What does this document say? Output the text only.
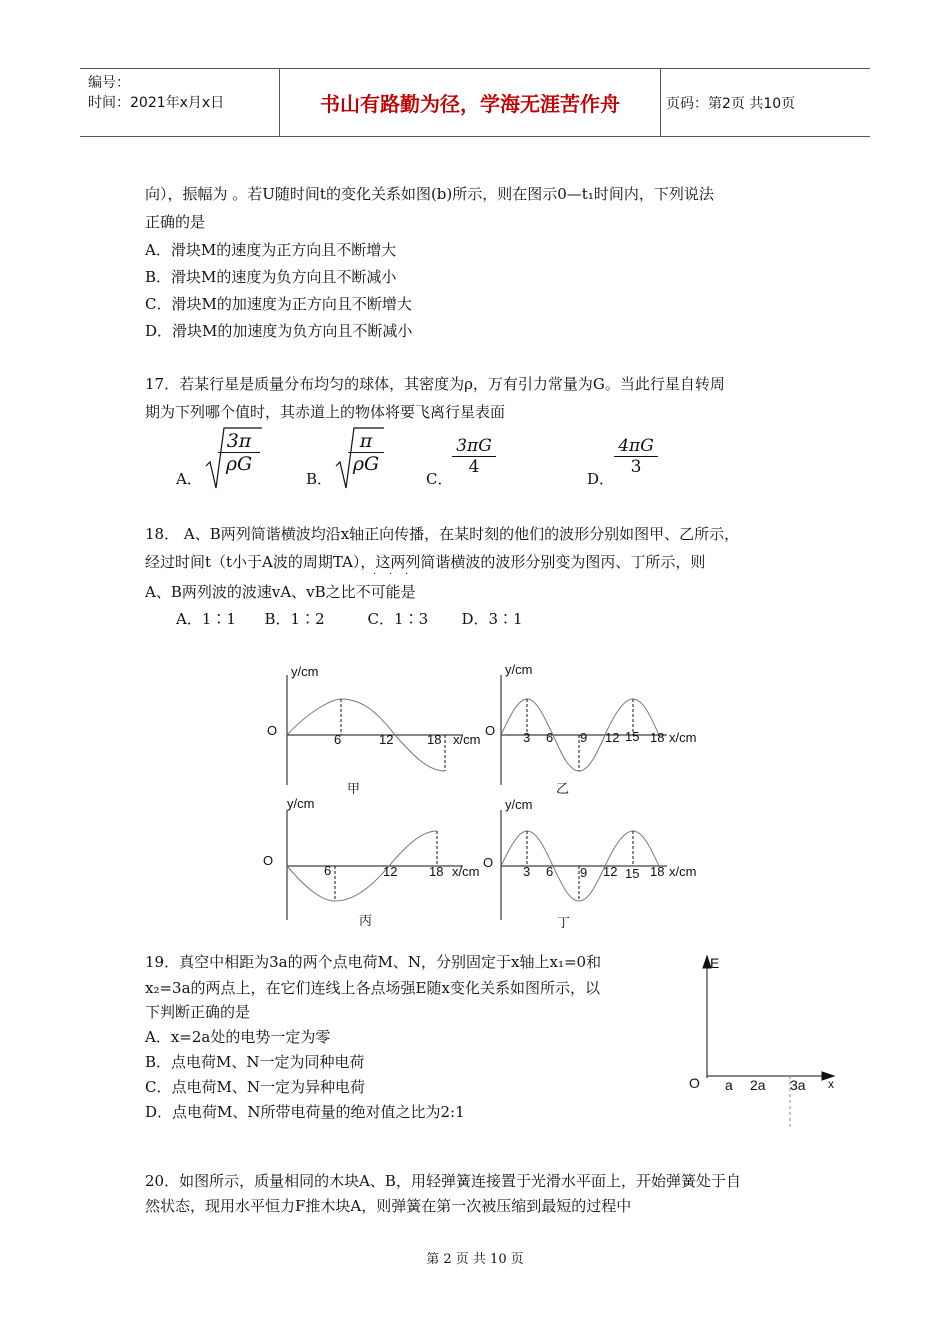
编号：
时间：2021年x月x日	书山有路勤为径，学海无涯苦作舟	页码：第2页 共10页
向），振幅为 。若U随时间t的变化关系如图(b)所示，则在图示0—t₁时间内，下列说法
正确的是
A．滑块M的速度为正方向且不断增大
B．滑块M的速度为负方向且不断减小
C．滑块M的加速度为正方向且不断增大
D．滑块M的加速度为负方向且不断减小
17．若某行星是质量分布均匀的球体，其密度为ρ，万有引力常量为G。当此行星自转周
期为下列哪个值时，其赤道上的物体将要飞离行星表面
A．
$\frac{3\pi}{\rho G}$
B．
$\frac{\pi}{\rho G}$
C．
$\frac{3\pi G}{4}$
D．
$\frac{4\pi G}{3}$
18． A、B两列简谐横波均沿x轴正向传播，在某时刻的他们的波形分别如图甲、乙所示，
经过时间t（t小于A波的周期TA），这两列简谐横波的波形分别变为图丙、丁所示，则
· · ·
A、B两列波的波速vA、vB之比不可能是
A．1∶1      B．1∶2         C．1∶3       D．3∶1
y/cm
O
6	12	18 x/cm
甲
y/cm
O 3 6 9 12 15 18 x/cm
乙
y/cm
O
6	12 18 x/cm
丙
y/cm
O
3 6 9 12 15 18 x/cm
丁
19．真空中相距为3a的两个点电荷M、N，分别固定于x轴上x₁=0和
x₂=3a的两点上，在它们连线上各点场强E随x变化关系如图所示，以
下判断正确的是
A．x=2a处的电势一定为零
B．点电荷M、N一定为同种电荷
C．点电荷M、N一定为异种电荷
D．点电荷M、N所带电荷量的绝对值之比为2:1
E
x
O a 2a 3a
20．如图所示，质量相同的木块A、B，用轻弹簧连接置于光滑水平面上，开始弹簧处于自
然状态，现用水平恒力F推木块A，则弹簧在第一次被压缩到最短的过程中
第 2 页 共 10 页
